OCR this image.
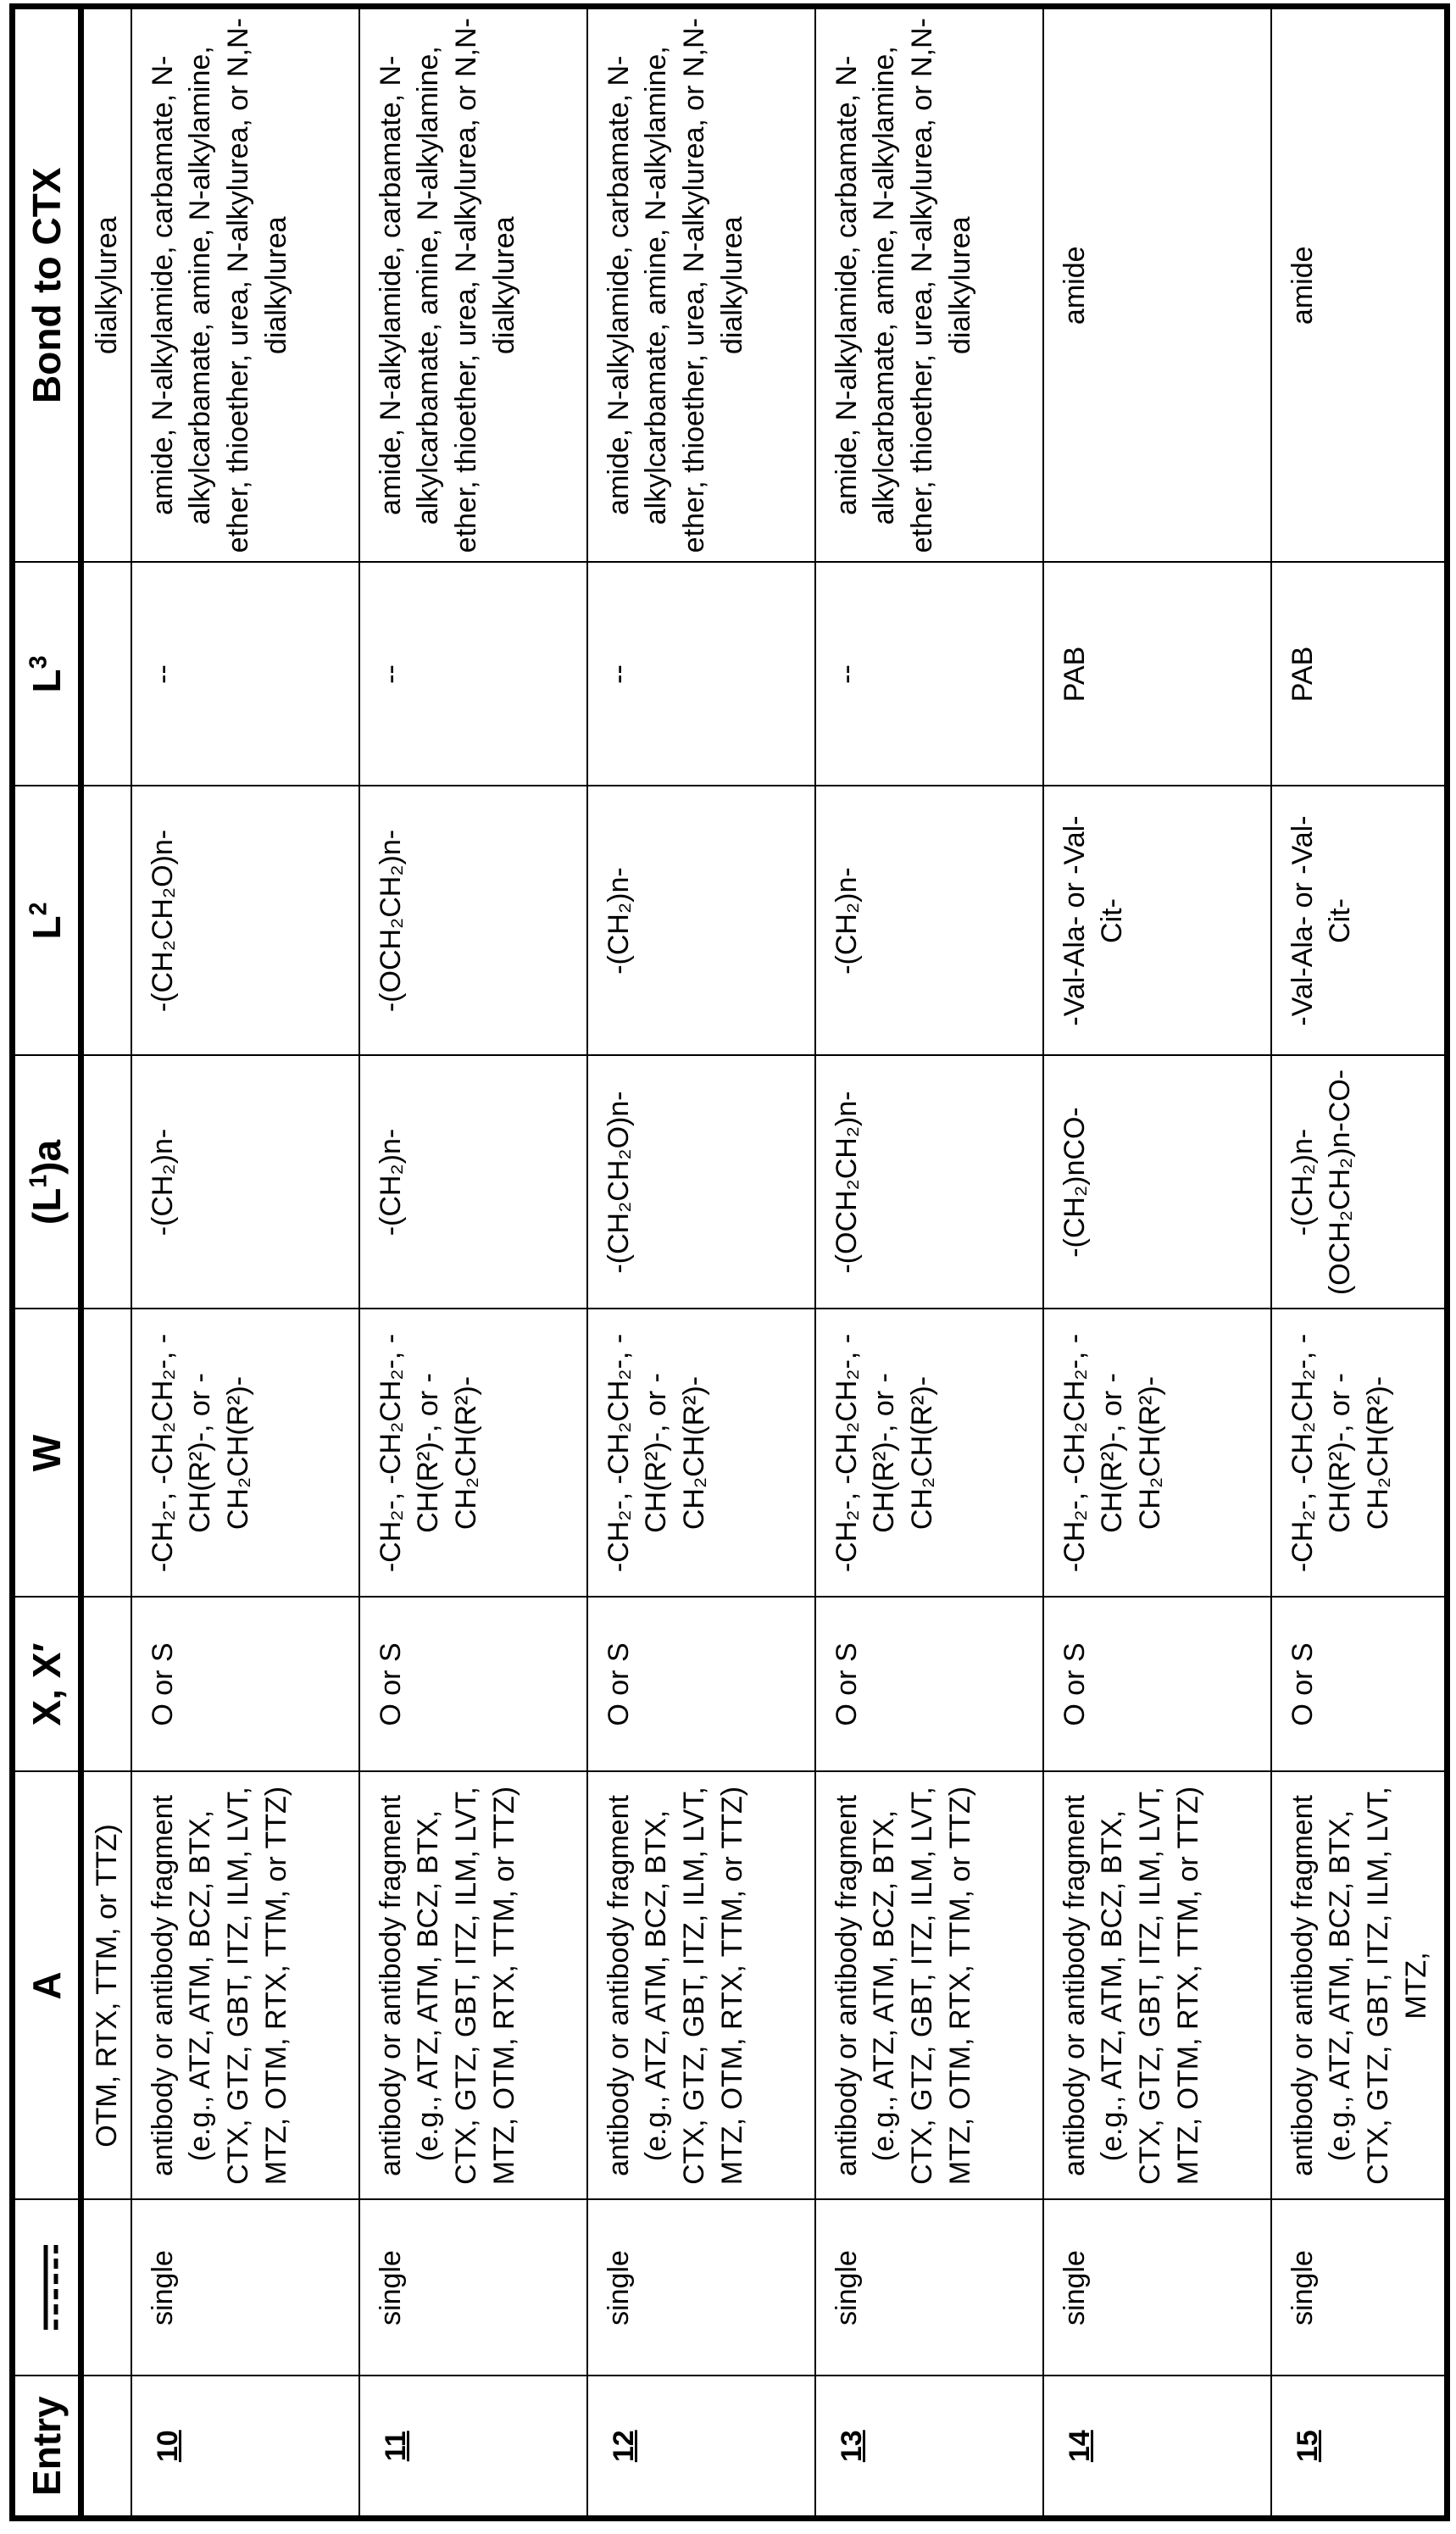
Entry		A	X, X′	W	$(L^1)a$	$L^2$	$L^3$	Bond to CTX
		OTM, RTX, TTM, or TTZ)						dialkylurea
10	single	antibody or antibody fragment (e.g., ATZ, ATM, BCZ, BTX, CTX, GTZ, GBT, ITZ, ILM, LVT, MTZ, OTM, RTX, TTM, or TTZ)	O or S	-CH₂-, -CH₂CH₂-, -CH(R²)-, or -CH₂CH(R²)-	-(CH₂)n-	-(CH₂CH₂O)n-	--	amide, N-alkylamide, carbamate, N-alkylcarbamate, amine, N-alkylamine, ether, thioether, urea, N-alkylurea, or N,N-dialkylurea
11	single	antibody or antibody fragment (e.g., ATZ, ATM, BCZ, BTX, CTX, GTZ, GBT, ITZ, ILM, LVT, MTZ, OTM, RTX, TTM, or TTZ)	O or S	-CH₂-, -CH₂CH₂-, -CH(R²)-, or -CH₂CH(R²)-	-(CH₂)n-	-(OCH₂CH₂)n-	--	amide, N-alkylamide, carbamate, N-alkylcarbamate, amine, N-alkylamine, ether, thioether, urea, N-alkylurea, or N,N-dialkylurea
12	single	antibody or antibody fragment (e.g., ATZ, ATM, BCZ, BTX, CTX, GTZ, GBT, ITZ, ILM, LVT, MTZ, OTM, RTX, TTM, or TTZ)	O or S	-CH₂-, -CH₂CH₂-, -CH(R²)-, or -CH₂CH(R²)-	-(CH₂CH₂O)n-	-(CH₂)n-	--	amide, N-alkylamide, carbamate, N-alkylcarbamate, amine, N-alkylamine, ether, thioether, urea, N-alkylurea, or N,N-dialkylurea
13	single	antibody or antibody fragment (e.g., ATZ, ATM, BCZ, BTX, CTX, GTZ, GBT, ITZ, ILM, LVT, MTZ, OTM, RTX, TTM, or TTZ)	O or S	-CH₂-, -CH₂CH₂-, -CH(R²)-, or -CH₂CH(R²)-	-(OCH₂CH₂)n-	-(CH₂)n-	--	amide, N-alkylamide, carbamate, N-alkylcarbamate, amine, N-alkylamine, ether, thioether, urea, N-alkylurea, or N,N-dialkylurea
14	single	antibody or antibody fragment (e.g., ATZ, ATM, BCZ, BTX, CTX, GTZ, GBT, ITZ, ILM, LVT, MTZ, OTM, RTX, TTM, or TTZ)	O or S	-CH₂-, -CH₂CH₂-, -CH(R²)-, or -CH₂CH(R²)-	-(CH₂)nCO-	-Val-Ala- or -Val-Cit-	PAB	amide
15	single	antibody or antibody fragment (e.g., ATZ, ATM, BCZ, BTX, CTX, GTZ, GBT, ITZ, ILM, LVT, MTZ,	O or S	-CH₂-, -CH₂CH₂-, -CH(R²)-, or -CH₂CH(R²)-	-(CH₂)n-(OCH₂CH₂)n-CO-	-Val-Ala- or -Val-Cit-	PAB	amide
